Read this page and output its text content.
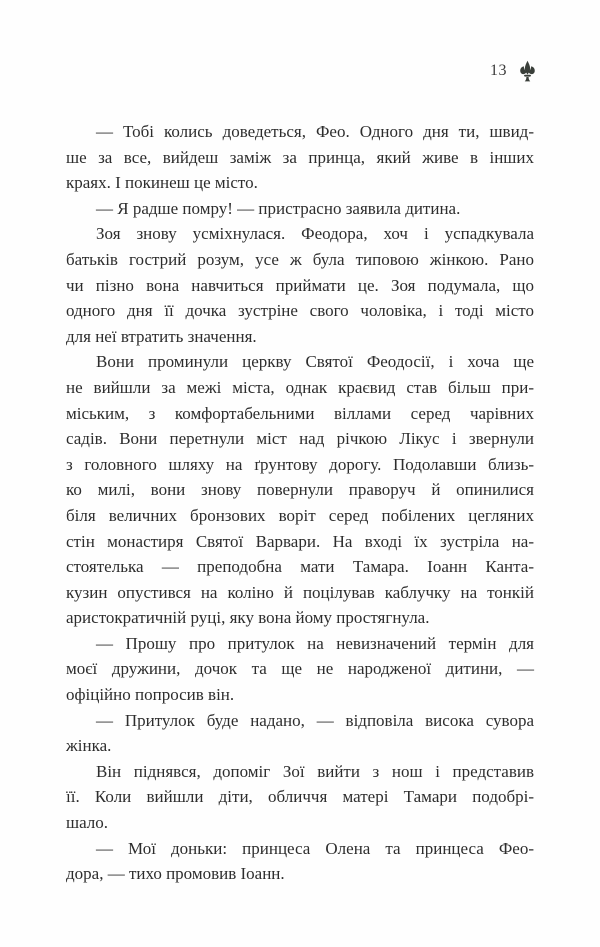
13

— Тобі колись доведеться, Фео. Одного дня ти, швид-
ше за все, вийдеш заміж за принца, який живе в інших
краях. І покинеш це місто.

— Я радше помру! — пристрасно заявила дитина.

Зоя знову усміхнулася. Феодора, хоч і успадкувала
батьків гострий розум, усе ж була типовою жінкою. Рано
чи пізно вона навчиться приймати це. Зоя подумала, що
одного дня її дочка зустріне свого чоловіка, і тоді місто
для неї втратить значення.

Вони проминули церкву Святої Феодосії, і хоча ще
не вийшли за межі міста, однак краєвид став більш при-
міським, з комфортабельними віллами серед чарівних
садів. Вони перетнули міст над річкою Лікус і звернули
з головного шляху на ґрунтову дорогу. Подолавши близь-
ко милі, вони знову повернули праворуч й опинилися
біля величних бронзових воріт серед побілених цегляних
стін монастиря Святої Варвари. На вході їх зустріла на-
стоятелька — преподобна мати Тамара. Іоанн Канта-
кузин опустився на коліно й поцілував каблучку на тонкій
аристократичній руці, яку вона йому простягнула.

— Прошу про притулок на невизначений термін для
моєї дружини, дочок та ще не народженої дитини, —
офіційно попросив він.

— Притулок буде надано, — відповіла висока сувора
жінка.

Він піднявся, допоміг Зої вийти з нош і представив
її. Коли вийшли діти, обличчя матері Тамари подобрі-
шало.

— Мої доньки: принцеса Олена та принцеса Фео-
дора, — тихо промовив Іоанн.
